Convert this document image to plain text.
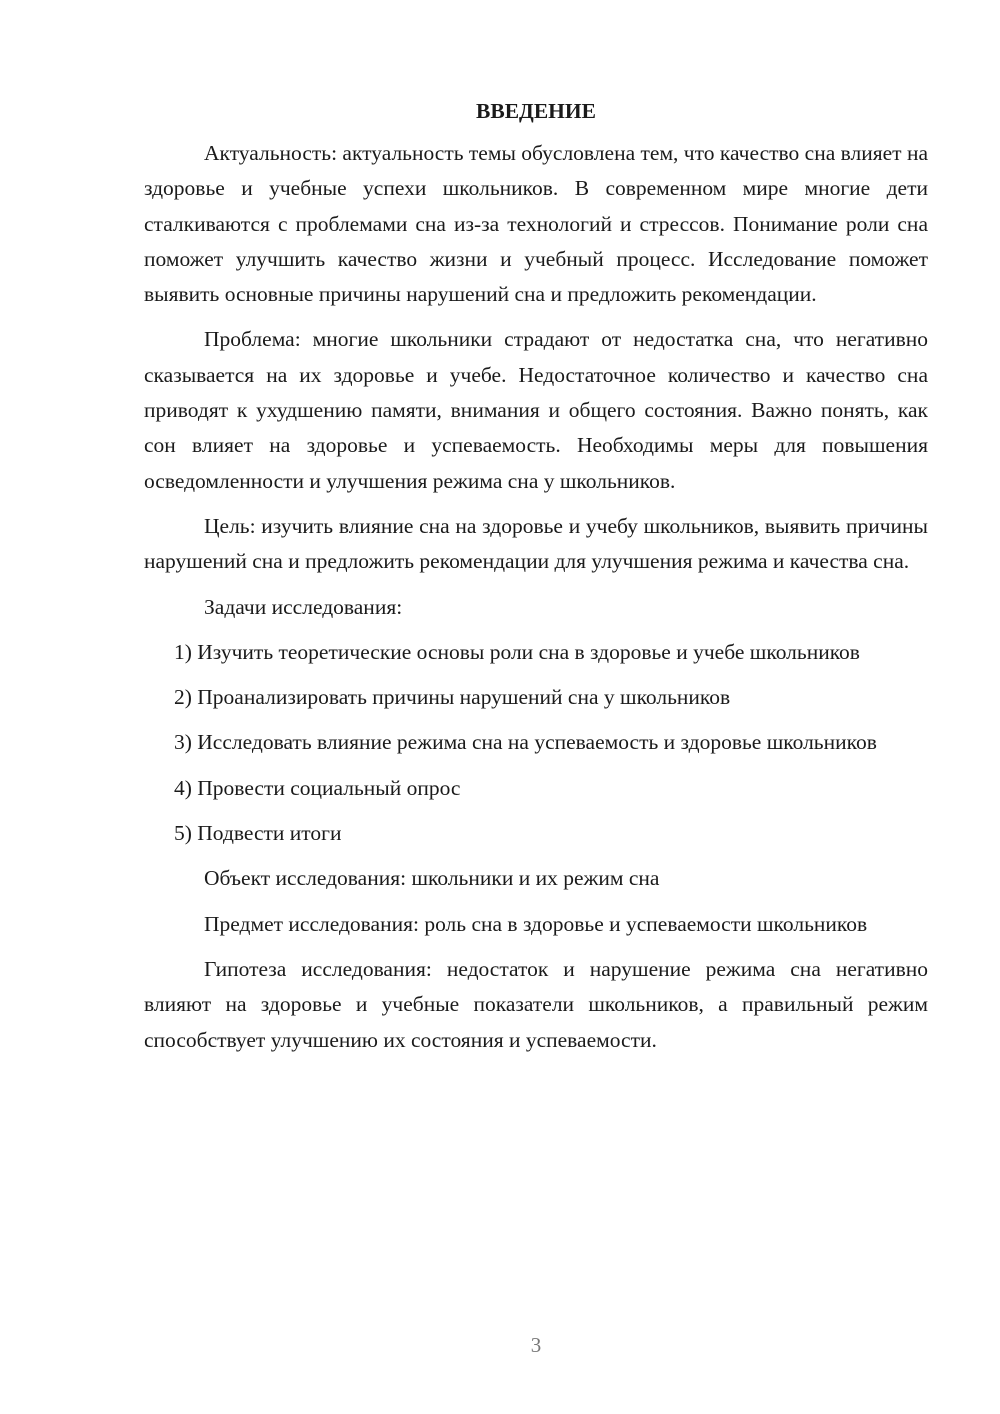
ВВЕДЕНИЕ

Актуальность: актуальность темы обусловлена тем, что качество сна влияет на здоровье и учебные успехи школьников. В современном мире многие дети сталкиваются с проблемами сна из-за технологий и стрессов. Понимание роли сна поможет улучшить качество жизни и учебный процесс. Исследование поможет выявить основные причины нарушений сна и предложить рекомендации.

Проблема: многие школьники страдают от недостатка сна, что негативно сказывается на их здоровье и учебе. Недостаточное количество и качество сна приводят к ухудшению памяти, внимания и общего состояния. Важно понять, как сон влияет на здоровье и успеваемость. Необходимы меры для повышения осведомленности и улучшения режима сна у школьников.

Цель: изучить влияние сна на здоровье и учебу школьников, выявить причины нарушений сна и предложить рекомендации для улучшения режима и качества сна.

Задачи исследования:

1) Изучить теоретические основы роли сна в здоровье и учебе школьников

2) Проанализировать причины нарушений сна у школьников

3) Исследовать влияние режима сна на успеваемость и здоровье школьников

4) Провести социальный опрос

5) Подвести итоги

Объект исследования: школьники и их режим сна

Предмет исследования: роль сна в здоровье и успеваемости школьников

Гипотеза исследования: недостаток и нарушение режима сна негативно влияют на здоровье и учебные показатели школьников, а правильный режим способствует улучшению их состояния и успеваемости.

3
